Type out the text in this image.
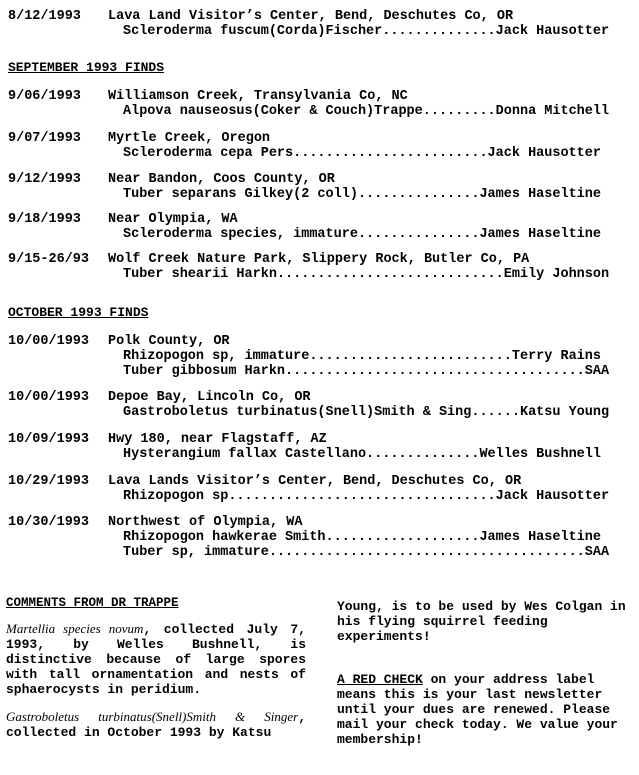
8/12/1993	Lava Land Visitor’s Center, Bend, Deschutes Co, OR
Scleroderma fuscum(Corda)Fischer..............Jack Hausotter
SEPTEMBER 1993 FINDS
9/06/1993	Williamson Creek, Transylvania Co, NC
Alpova nauseosus(Coker & Couch)Trappe.........Donna Mitchell
9/07/1993	Myrtle Creek, Oregon
Scleroderma cepa Pers........................Jack Hausotter
9/12/1993	Near Bandon, Coos County, OR
Tuber separans Gilkey(2 coll)...............James Haseltine
9/18/1993	Near Olympia, WA
Scleroderma species, immature...............James Haseltine
9/15-26/93	Wolf Creek Nature Park, Slippery Rock, Butler Co, PA
Tuber shearii Harkn............................Emily Johnson
OCTOBER 1993 FINDS
10/00/1993	Polk County, OR
Rhizopogon sp, immature.........................Terry Rains
Tuber gibbosum Harkn.....................................SAA
10/00/1993	Depoe Bay, Lincoln Co, OR
Gastroboletus turbinatus(Snell)Smith & Sing......Katsu Young
10/09/1993	Hwy 180, near Flagstaff, AZ
Hysterangium fallax Castellano..............Welles Bushnell
10/29/1993	Lava Lands Visitor’s Center, Bend, Deschutes Co, OR
Rhizopogon sp.................................Jack Hausotter
10/30/1993	Northwest of Olympia, WA
Rhizopogon hawkerae Smith...................James Haseltine
Tuber sp, immature.......................................SAA
COMMENTS FROM DR TRAPPE

Martellia species novum, collected July 7, 1993, by Welles Bushnell, is distinctive because of large spores with tall ornamentation and nests of sphaerocysts in peridium.

Gastroboletus turbinatus(Snell)Smith & Singer, collected in October 1993 by Katsu

Young, is to be used by Wes Colgan in his flying squirrel feeding experiments!

A RED CHECK on your address label means this is your last newsletter until your dues are renewed. Please mail your check today. We value your membership!
